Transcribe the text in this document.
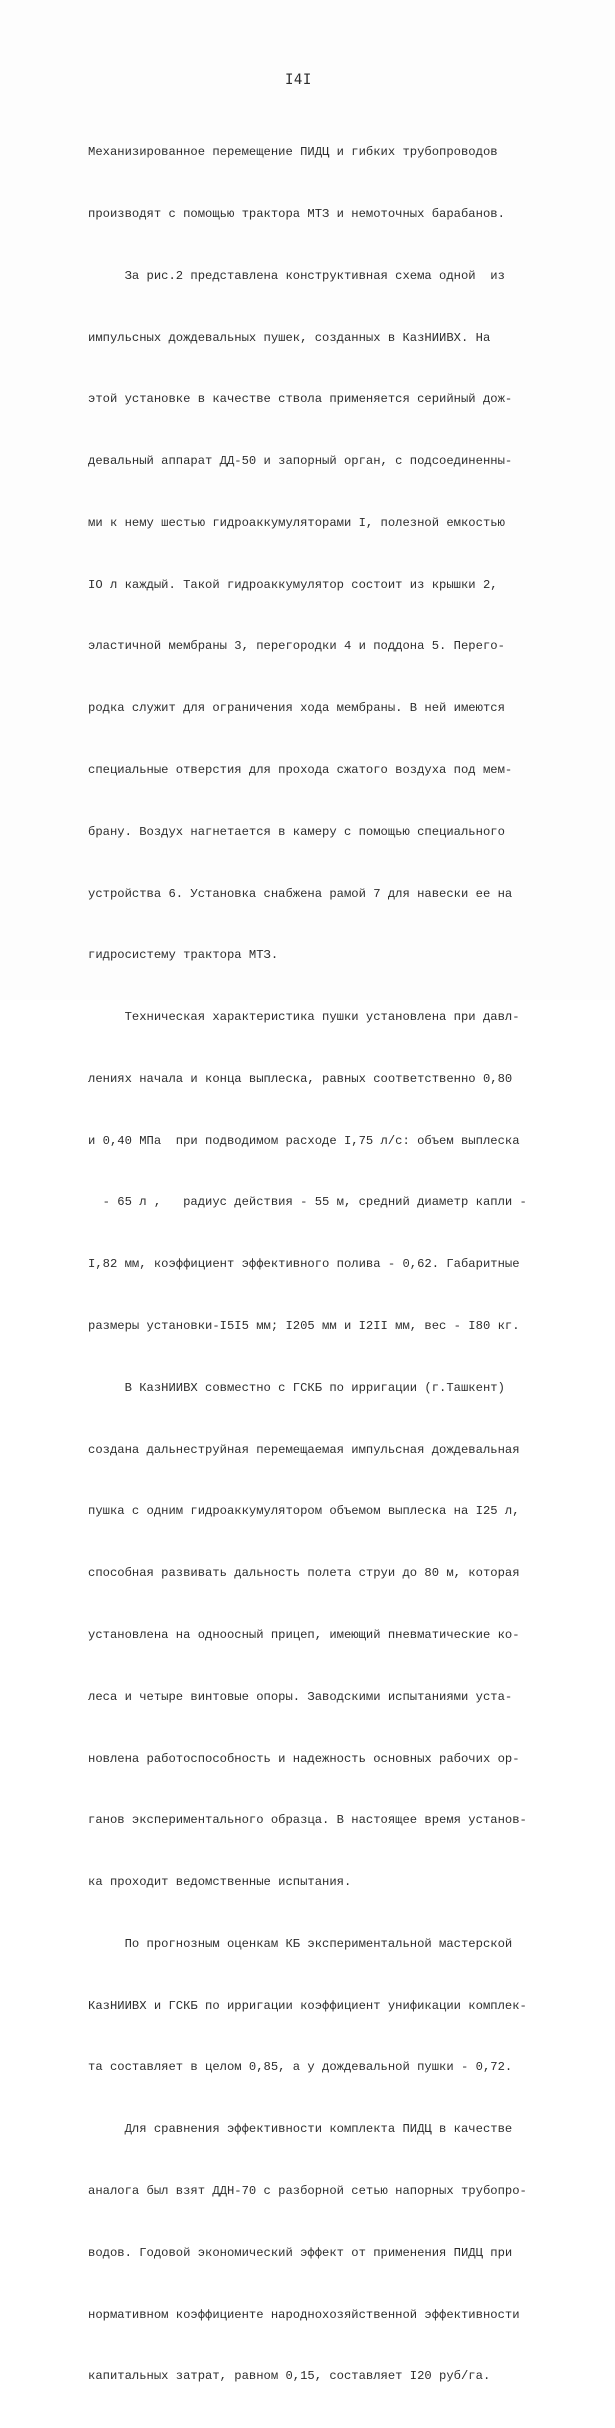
I4I

Механизированное перемещение ПИДЦ и гибких трубопроводов

производят с помощью трактора МТЗ и немоточных барабанов.

За рис.2 представлена конструктивная схема одной  из

импульсных дождевальных пушек, созданных в КазНИИВХ. На

этой установке в качестве ствола применяется серийный дож-

девальный аппарат ДД-50 и запорный орган, с подсоединенны-

ми к нему шестью гидроаккумуляторами I, полезной емкостью

IО л каждый. Такой гидроаккумулятор состоит из крышки 2,

эластичной мембраны 3, перегородки 4 и поддона 5. Перего-

родка служит для ограничения хода мембраны. В ней имеются

специальные отверстия для прохода сжатого воздуха под мем-

брану. Воздух нагнетается в камеру с помощью специального

устройства 6. Установка снабжена рамой 7 для навески ее на

гидросистему трактора МТЗ.

Техническая характеристика пушки установлена при давл-

лениях начала и конца выплеска, равных соответственно 0,80

и 0,40 МПа  при подводимом расходе I,75 л/с: объем выплеска

- 65 л ,   радиус действия - 55 м, средний диаметр капли -

I,82 мм, коэффициент эффективного полива - 0,62. Габаритные

размеры установки-I5I5 мм; I205 мм и I2II мм, вес - I80 кг.

В КазНИИВХ совместно с ГСКБ по ирригации (г.Ташкент)

создана дальнеструйная перемещаемая импульсная дождевальная

пушка с одним гидроаккумулятором объемом выплеска на I25 л,

способная развивать дальность полета струи до 80 м, которая

установлена на одноосный прицеп, имеющий пневматические ко-

леса и четыре винтовые опоры. Заводскими испытаниями уста-

новлена работоспособность и надежность основных рабочих ор-

ганов экспериментального образца. В настоящее время установ-

ка проходит ведомственные испытания.

По прогнозным оценкам КБ экспериментальной мастерской

КазНИИВХ и ГСКБ по ирригации коэффициент унификации комплек-

та составляет в целом 0,85, а у дождевальной пушки - 0,72.

Для сравнения эффективности комплекта ПИДЦ в качестве

аналога был взят ДДН-70 с разборной сетью напорных трубопро-

водов. Годовой экономический эффект от применения ПИДЦ при

нормативном коэффициенте народнохозяйственной эффективности

капитальных затрат, равном 0,15, составляет I20 руб/га.
